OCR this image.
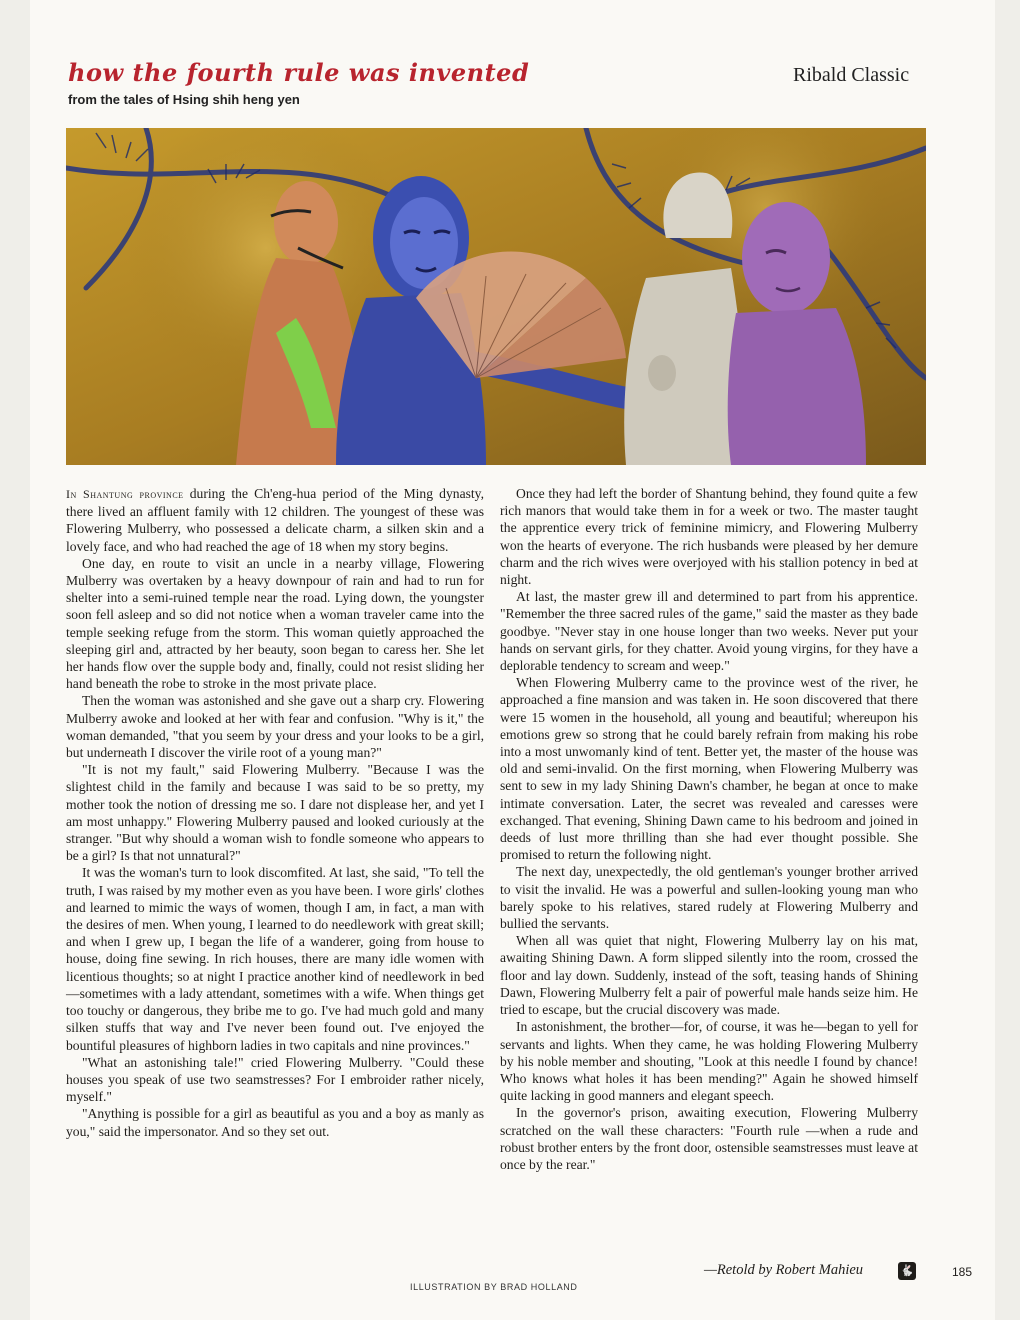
how the fourth rule was invented
from the tales of Hsing shih heng yen
Ribald Classic

In Shantung province during the Ch'eng-hua period of the Ming dynasty, there lived an affluent family with 12 children. The youngest of these was Flowering Mulberry, who possessed a delicate charm, a silken skin and a lovely face, and who had reached the age of 18 when my story begins.

One day, en route to visit an uncle in a nearby village, Flowering Mulberry was overtaken by a heavy downpour of rain and had to run for shelter into a semi-ruined temple near the road. Lying down, the youngster soon fell asleep and so did not notice when a woman traveler came into the temple seeking refuge from the storm. This woman quietly approached the sleeping girl and, attracted by her beauty, soon began to caress her. She let her hands flow over the supple body and, finally, could not resist sliding her hand beneath the robe to stroke in the most private place.

Then the woman was astonished and she gave out a sharp cry. Flowering Mulberry awoke and looked at her with fear and confusion. "Why is it," the woman demanded, "that you seem by your dress and your looks to be a girl, but underneath I discover the virile root of a young man?"

"It is not my fault," said Flowering Mulberry. "Because I was the slightest child in the family and because I was said to be so pretty, my mother took the notion of dressing me so. I dare not displease her, and yet I am most unhappy." Flowering Mulberry paused and looked curiously at the stranger. "But why should a woman wish to fondle someone who appears to be a girl? Is that not unnatural?"

It was the woman's turn to look discomfited. At last, she said, "To tell the truth, I was raised by my mother even as you have been. I wore girls' clothes and learned to mimic the ways of women, though I am, in fact, a man with the desires of men. When young, I learned to do needlework with great skill; and when I grew up, I began the life of a wanderer, going from house to house, doing fine sewing. In rich houses, there are many idle women with licentious thoughts; so at night I practice another kind of needlework in bed—sometimes with a lady attendant, sometimes with a wife. When things get too touchy or dangerous, they bribe me to go. I've had much gold and many silken stuffs that way and I've never been found out. I've enjoyed the bountiful pleasures of highborn ladies in two capitals and nine provinces."

"What an astonishing tale!" cried Flowering Mulberry. "Could these houses you speak of use two seamstresses? For I embroider rather nicely, myself."

"Anything is possible for a girl as beautiful as you and a boy as manly as you," said the impersonator. And so they set out.

Once they had left the border of Shantung behind, they found quite a few rich manors that would take them in for a week or two. The master taught the apprentice every trick of feminine mimicry, and Flowering Mulberry won the hearts of everyone. The rich husbands were pleased by her demure charm and the rich wives were overjoyed with his stallion potency in bed at night.

At last, the master grew ill and determined to part from his apprentice. "Remember the three sacred rules of the game," said the master as they bade goodbye. "Never stay in one house longer than two weeks. Never put your hands on servant girls, for they chatter. Avoid young virgins, for they have a deplorable tendency to scream and weep."

When Flowering Mulberry came to the province west of the river, he approached a fine mansion and was taken in. He soon discovered that there were 15 women in the household, all young and beautiful; whereupon his emotions grew so strong that he could barely refrain from making his robe into a most unwomanly kind of tent. Better yet, the master of the house was old and semi-invalid. On the first morning, when Flowering Mulberry was sent to sew in my lady Shining Dawn's chamber, he began at once to make intimate conversation. Later, the secret was revealed and caresses were exchanged. That evening, Shining Dawn came to his bedroom and joined in deeds of lust more thrilling than she had ever thought possible. She promised to return the following night.

The next day, unexpectedly, the old gentleman's younger brother arrived to visit the invalid. He was a powerful and sullen-looking young man who barely spoke to his relatives, stared rudely at Flowering Mulberry and bullied the servants.

When all was quiet that night, Flowering Mulberry lay on his mat, awaiting Shining Dawn. A form slipped silently into the room, crossed the floor and lay down. Suddenly, instead of the soft, teasing hands of Shining Dawn, Flowering Mulberry felt a pair of powerful male hands seize him. He tried to escape, but the crucial discovery was made.

In astonishment, the brother—for, of course, it was he—began to yell for servants and lights. When they came, he was holding Flowering Mulberry by his noble member and shouting, "Look at this needle I found by chance! Who knows what holes it has been mending?" Again he showed himself quite lacking in good manners and elegant speech.

In the governor's prison, awaiting execution, Flowering Mulberry scratched on the wall these characters: "Fourth rule —when a rude and robust brother enters by the front door, ostensible seamstresses must leave at once by the rear."

—Retold by Robert Mahieu	🐇	185
ILLUSTRATION BY BRAD HOLLAND
